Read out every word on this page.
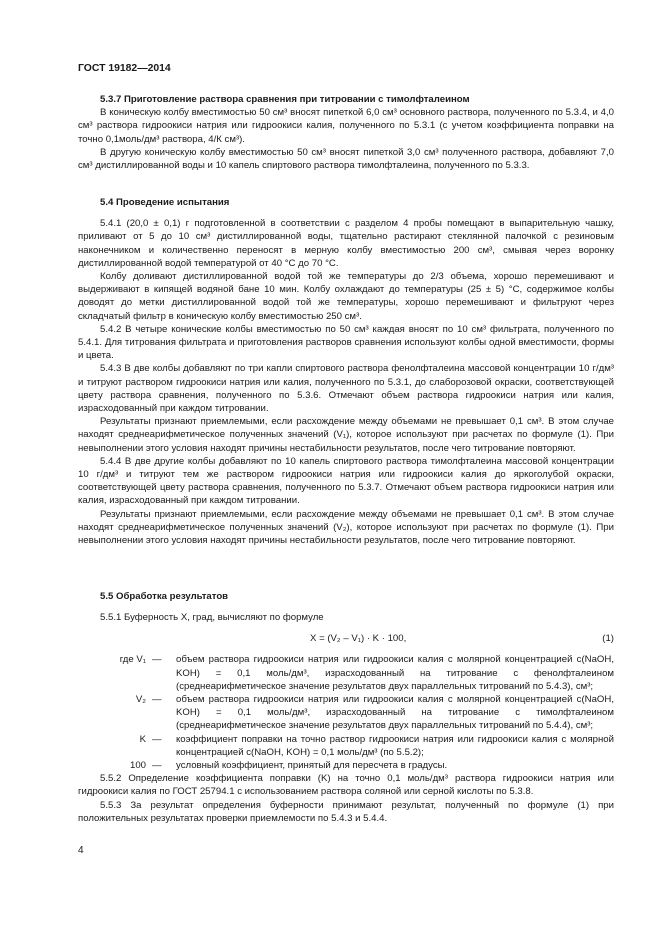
ГОСТ 19182—2014

5.3.7 Приготовление раствора сравнения при титровании с тимолфталеином

В коническую колбу вместимостью 50 см³ вносят пипеткой 6,0 см³ основного раствора, полученного по 5.3.4, и 4,0 см³ раствора гидроокиси натрия или гидроокиси калия, полученного по 5.3.1 (с учетом коэффициента поправки на точно 0,1моль/дм³ раствора, 4/К см³).

В другую коническую колбу вместимостью 50 см³ вносят пипеткой 3,0 см³ полученного раствора, добавляют 7,0 см³ дистиллированной воды и 10 капель спиртового раствора тимолфталеина, полученного по 5.3.3.

5.4 Проведение испытания

5.4.1 (20,0 ± 0,1) г подготовленной в соответствии с разделом 4 пробы помещают в выпарительную чашку, приливают от 5 до 10 см³ дистиллированной воды, тщательно растирают стеклянной палочкой с резиновым наконечником и количественно переносят в мерную колбу вместимостью 200 см³, смывая через воронку дистиллированной водой температурой от 40 °С до 70 °С.

Колбу доливают дистиллированной водой той же температуры до 2/3 объема, хорошо перемешивают и выдерживают в кипящей водяной бане 10 мин. Колбу охлаждают до температуры (25 ± 5) °С, содержимое колбы доводят до метки дистиллированной водой той же температуры, хорошо перемешивают и фильтруют через складчатый фильтр в коническую колбу вместимостью 250 см³.

5.4.2 В четыре конические колбы вместимостью по 50 см³ каждая вносят по 10 см³ фильтрата, полученного по 5.4.1. Для титрования фильтрата и приготовления растворов сравнения используют колбы одной вместимости, формы и цвета.

5.4.3 В две колбы добавляют по три капли спиртового раствора фенолфталеина массовой концентрации 10 г/дм³ и титруют раствором гидроокиси натрия или калия, полученного по 5.3.1, до слаборозовой окраски, соответствующей цвету раствора сравнения, полученного по 5.3.6. Отмечают объем раствора гидроокиси натрия или калия, израсходованный при каждом титровании.

Результаты признают приемлемыми, если расхождение между объемами не превышает 0,1 см³. В этом случае находят среднеарифметическое полученных значений (V₁), которое используют при расчетах по формуле (1). При невыполнении этого условия находят причины нестабильности результатов, после чего титрование повторяют.

5.4.4 В две другие колбы добавляют по 10 капель спиртового раствора тимолфталеина массовой концентрации 10 г/дм³ и титруют тем же раствором гидроокиси натрия или гидроокиси калия до яркоголубой окраски, соответствующей цвету раствора сравнения, полученного по 5.3.7. Отмечают объем раствора гидроокиси натрия или калия, израсходованный при каждом титровании.

Результаты признают приемлемыми, если расхождение между объемами не превышает 0,1 см³. В этом случае находят среднеарифметическое полученных значений (V₂), которое используют при расчетах по формуле (1). При невыполнении этого условия находят причины нестабильности результатов, после чего титрование повторяют.

5.5 Обработка результатов

5.5.1 Буферность X, град, вычисляют по формуле

X = (V₂ – V₁) · K · 100,	(1)
где V₁ — объем раствора гидроокиси натрия или гидроокиси калия с молярной концентрацией c(NaOH, KOH) = 0,1 моль/дм³, израсходованный на титрование с фенолфталеином (среднеарифметическое значение результатов двух параллельных титрований по 5.4.3), см³;
V₂ — объем раствора гидроокиси натрия или гидроокиси калия с молярной концентрацией c(NaOH, KOH) = 0,1 моль/дм³, израсходованный на титрование с тимолфталеином (среднеарифметическое значение результатов двух параллельных титрований по 5.4.4), см³;
K — коэффициент поправки на точно раствор гидроокиси натрия или гидроокиси калия с молярной концентрацией c(NaOH, KOH) = 0,1 моль/дм³ (по 5.5.2);
100 — условный коэффициент, принятый для пересчета в градусы.

5.5.2 Определение коэффициента поправки (K) на точно 0,1 моль/дм³ раствора гидроокиси натрия или гидроокиси калия по ГОСТ 25794.1 с использованием раствора соляной или серной кислоты по 5.3.8.

5.5.3 За результат определения буферности принимают результат, полученный по формуле (1) при положительных результатах проверки приемлемости по 5.4.3 и 5.4.4.

4
